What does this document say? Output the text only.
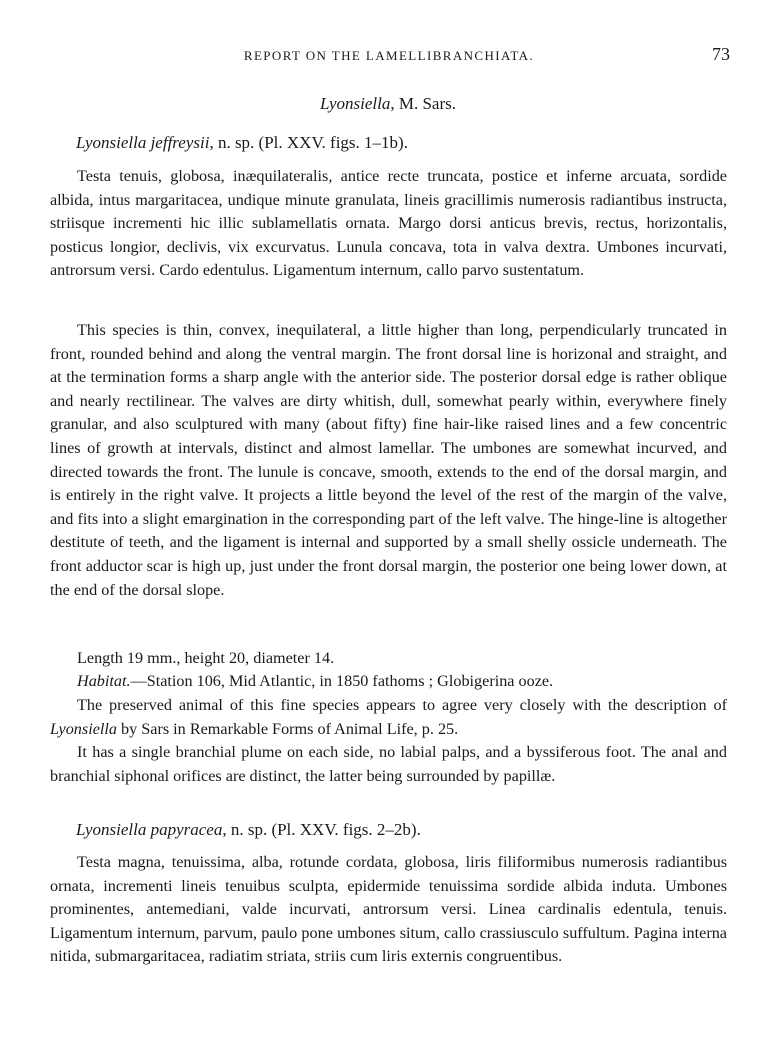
REPORT ON THE LAMELLIBRANCHIATA.	73
Lyonsiella, M. Sars.
Lyonsiella jeffreysii, n. sp. (Pl. XXV. figs. 1–1b).
Testa tenuis, globosa, inæquilateralis, antice recte truncata, postice et inferne arcuata, sordide albida, intus margaritacea, undique minute granulata, lineis gracillimis numerosis radiantibus instructa, striisque incrementi hic illic sublamellatis ornata. Margo dorsi anticus brevis, rectus, horizontalis, posticus longior, declivis, vix excurvatus. Lunula concava, tota in valva dextra. Umbones incurvati, antrorsum versi. Cardo edentulus. Ligamentum internum, callo parvo sustentatum.
This species is thin, convex, inequilateral, a little higher than long, perpendicularly truncated in front, rounded behind and along the ventral margin. The front dorsal line is horizonal and straight, and at the termination forms a sharp angle with the anterior side. The posterior dorsal edge is rather oblique and nearly rectilinear. The valves are dirty whitish, dull, somewhat pearly within, everywhere finely granular, and also sculptured with many (about fifty) fine hair-like raised lines and a few concentric lines of growth at intervals, distinct and almost lamellar. The umbones are somewhat incurved, and directed towards the front. The lunule is concave, smooth, extends to the end of the dorsal margin, and is entirely in the right valve. It projects a little beyond the level of the rest of the margin of the valve, and fits into a slight emargination in the corresponding part of the left valve. The hinge-line is altogether destitute of teeth, and the ligament is internal and supported by a small shelly ossicle underneath. The front adductor scar is high up, just under the front dorsal margin, the posterior one being lower down, at the end of the dorsal slope.
Length 19 mm., height 20, diameter 14.
Habitat.—Station 106, Mid Atlantic, in 1850 fathoms ; Globigerina ooze.
The preserved animal of this fine species appears to agree very closely with the description of Lyonsiella by Sars in Remarkable Forms of Animal Life, p. 25.
It has a single branchial plume on each side, no labial palps, and a byssiferous foot. The anal and branchial siphonal orifices are distinct, the latter being surrounded by papillæ.
Lyonsiella papyracea, n. sp. (Pl. XXV. figs. 2–2b).
Testa magna, tenuissima, alba, rotunde cordata, globosa, liris filiformibus numerosis radiantibus ornata, incrementi lineis tenuibus sculpta, epidermide tenuissima sordide albida induta. Umbones prominentes, antemediani, valde incurvati, antrorsum versi. Linea cardinalis edentula, tenuis. Ligamentum internum, parvum, paulo pone umbones situm, callo crassiusculo suffultum. Pagina interna nitida, submargaritacea, radiatim striata, striis cum liris externis congruentibus.
